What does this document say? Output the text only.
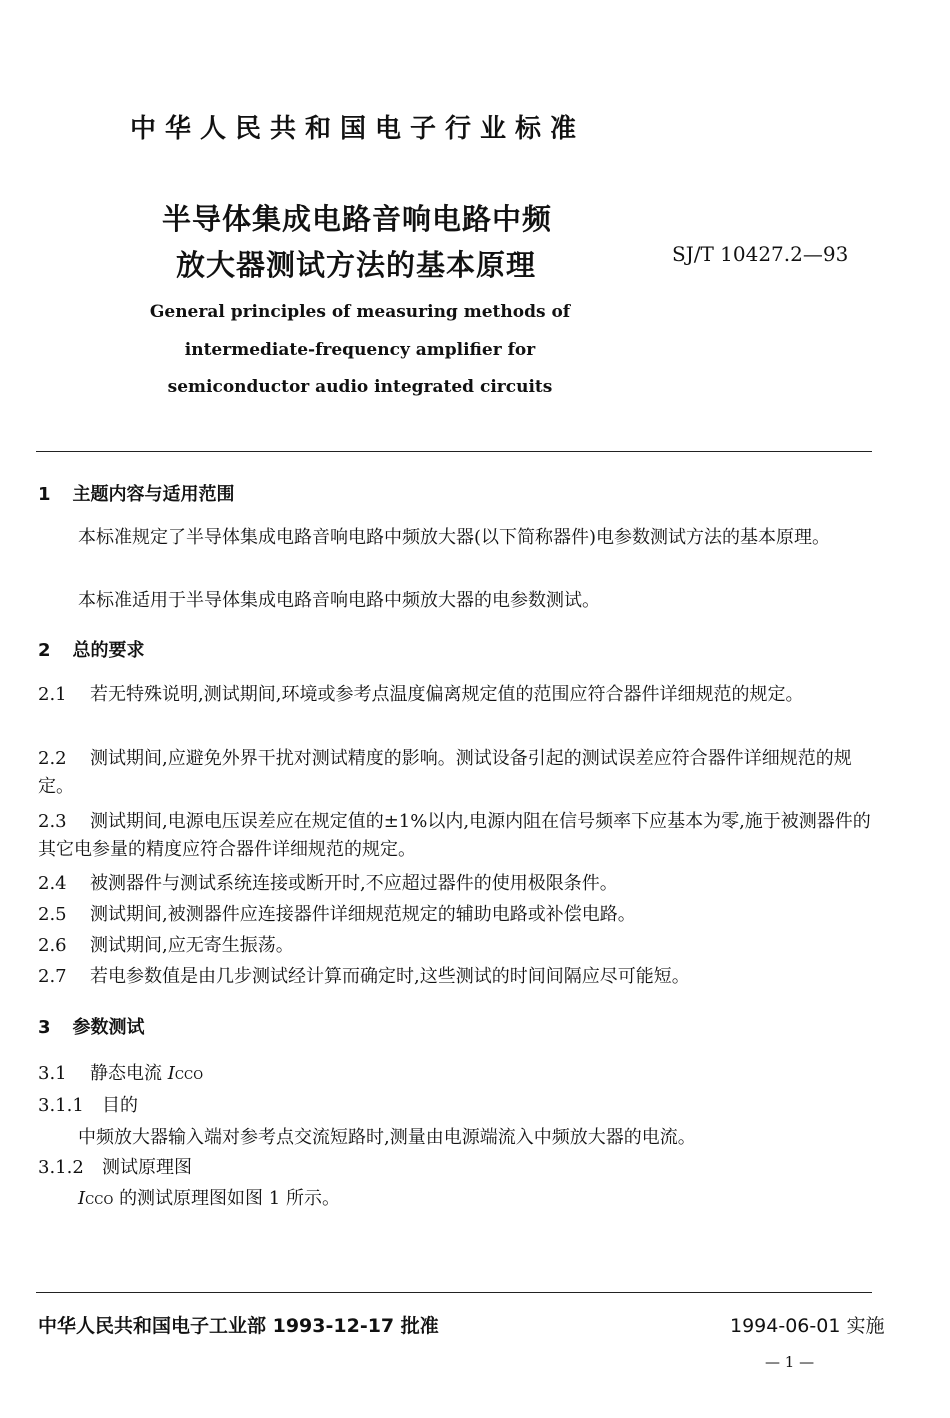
中华人民共和国电子行业标准
半导体集成电路音响电路中频
放大器测试方法的基本原理	SJ/T 10427.2—93
General principles of measuring methods of
intermediate-frequency amplifier for
semiconductor audio integrated circuits
1 主题内容与适用范围
本标准规定了半导体集成电路音响电路中频放大器(以下简称器件)电参数测试方法的基本原理。
本标准适用于半导体集成电路音响电路中频放大器的电参数测试。
2 总的要求
2.1 若无特殊说明,测试期间,环境或参考点温度偏离规定值的范围应符合器件详细规范的规定。
2.2 测试期间,应避免外界干扰对测试精度的影响。测试设备引起的测试误差应符合器件详细规范的规定。
2.3 测试期间,电源电压误差应在规定值的±1%以内,电源内阻在信号频率下应基本为零,施于被测器件的其它电参量的精度应符合器件详细规范的规定。
2.4 被测器件与测试系统连接或断开时,不应超过器件的使用极限条件。
2.5 测试期间,被测器件应连接器件详细规范规定的辅助电路或补偿电路。
2.6 测试期间,应无寄生振荡。
2.7 若电参数值是由几步测试经计算而确定时,这些测试的时间间隔应尽可能短。
3 参数测试
3.1 静态电流 ICCO
3.1.1 目的
中频放大器输入端对参考点交流短路时,测量由电源端流入中频放大器的电流。
3.1.2 测试原理图
ICCO 的测试原理图如图 1 所示。
中华人民共和国电子工业部 1993-12-17 批准	1994-06-01 实施
— 1 —
